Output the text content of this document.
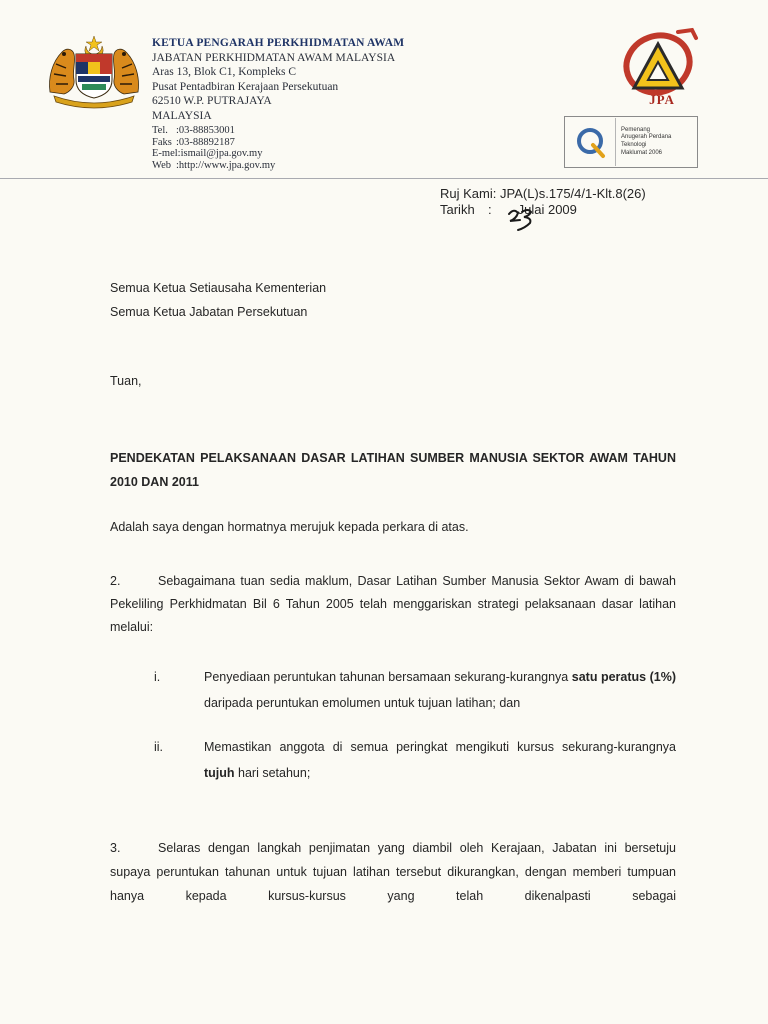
KETUA PENGARAH PERKHIDMATAN AWAM
JABATAN PERKHIDMATAN AWAM MALAYSIA
Aras 13, Blok C1, Kompleks C
Pusat Pentadbiran Kerajaan Persekutuan
62510 W.P. PUTRAJAYA
MALAYSIA
Tel. :03-88853001
Faks :03-88892187
E-mel :ismail@jpa.gov.my
Web :http://www.jpa.gov.my
JPA
Pemenang
Anugerah Perdana
Teknologi
Maklumat 2006
Ruj Kami:
JPA(L)s.175/4/1-Klt.8(26)
Tarikh	: Julai 2009
Semua Ketua Setiausaha Kementerian
Semua Ketua Jabatan Persekutuan
Tuan,
PENDEKATAN PELAKSANAAN DASAR LATIHAN SUMBER MANUSIA SEKTOR AWAM TAHUN 2010 DAN 2011
Adalah saya dengan hormatnya merujuk kepada perkara di atas.
2.	Sebagaimana tuan sedia maklum, Dasar Latihan Sumber Manusia Sektor Awam di bawah Pekeliling Perkhidmatan Bil 6 Tahun 2005 telah menggariskan strategi pelaksanaan dasar latihan melalui:
i.	Penyediaan peruntukan tahunan bersamaan sekurang-kurangnya satu peratus (1%) daripada peruntukan emolumen untuk tujuan latihan; dan
ii.	Memastikan anggota di semua peringkat mengikuti kursus sekurang-kurangnya tujuh hari setahun;
3.	Selaras dengan langkah penjimatan yang diambil oleh Kerajaan, Jabatan ini bersetuju supaya peruntukan tahunan untuk tujuan latihan tersebut dikurangkan, dengan memberi tumpuan hanya kepada kursus-kursus yang telah dikenalpasti sebagai
